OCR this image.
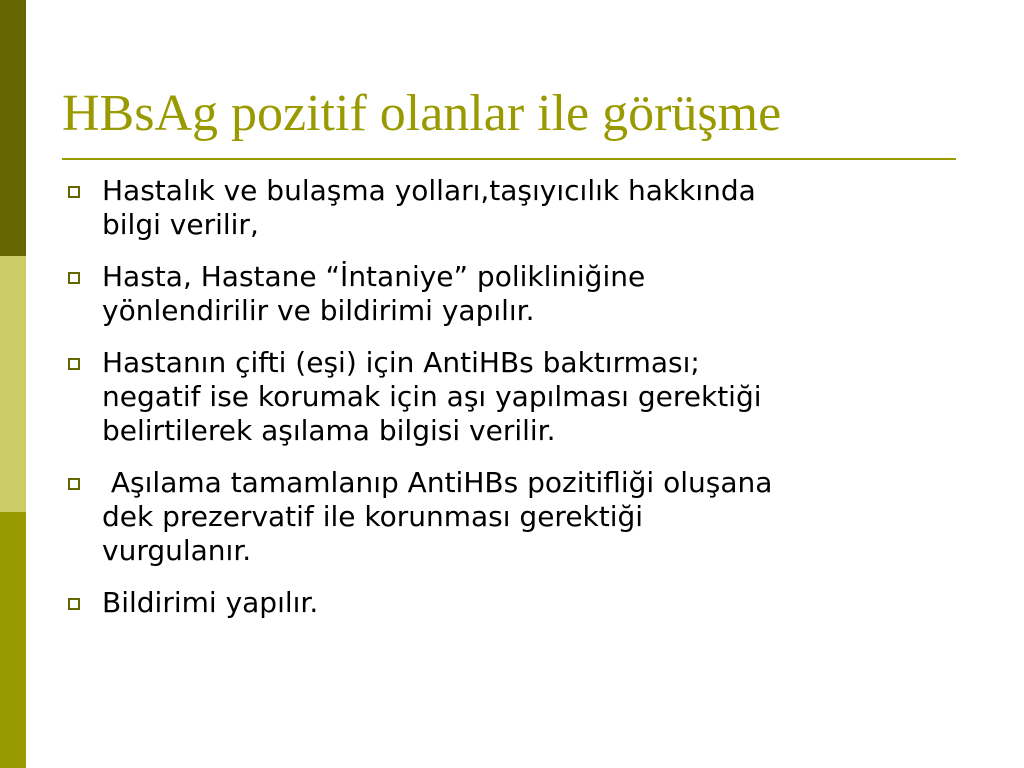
HBsAg pozitif olanlar ile görüşme
Hastalık ve bulaşma yolları,taşıyıcılık hakkında
bilgi verilir,
Hasta, Hastane “İntaniye” polikliniğine
yönlendirilir ve bildirimi yapılır.
Hastanın çifti (eşi) için AntiHBs baktırması;
negatif ise korumak için aşı yapılması gerektiği
belirtilerek aşılama bilgisi verilir.
Aşılama tamamlanıp AntiHBs pozitifliği oluşana
dek prezervatif ile korunması gerektiği
vurgulanır.
Bildirimi yapılır.
